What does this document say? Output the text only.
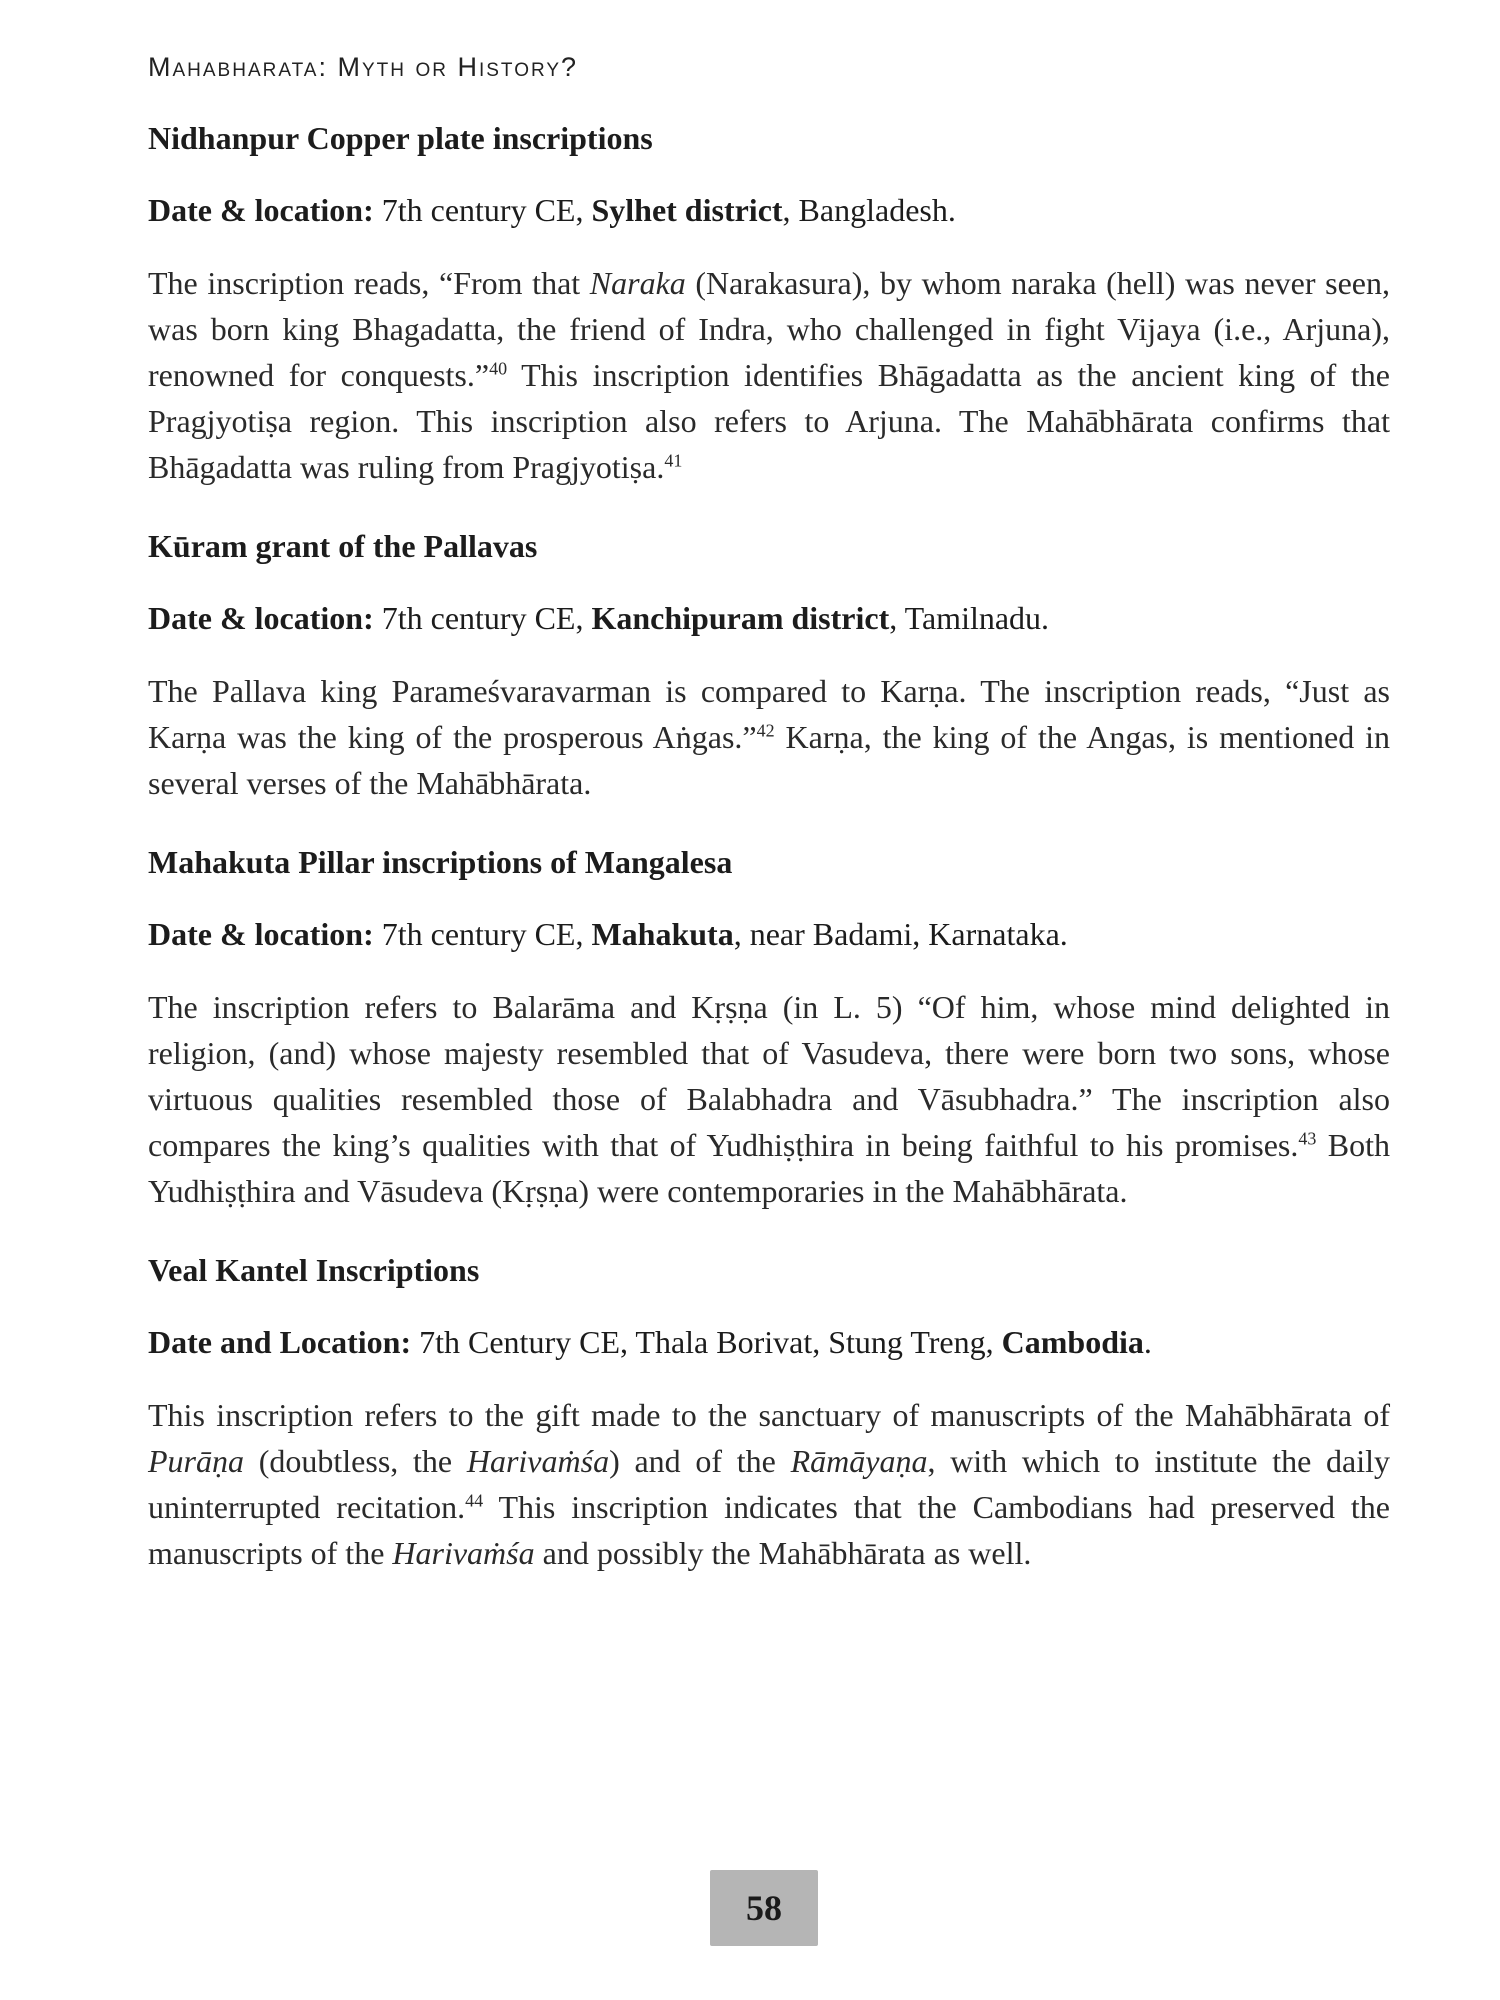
Mahabharata: Myth or History?
Nidhanpur Copper plate inscriptions

Date & location: 7th century CE, Sylhet district, Bangladesh.

The inscription reads, “From that Naraka (Narakasura), by whom naraka (hell) was never seen, was born king Bhagadatta, the friend of Indra, who challenged in fight Vijaya (i.e., Arjuna), renowned for conquests.”$^{40}$ This inscription identifies Bhāgadatta as the ancient king of the Pragjyotiṣa region. This inscription also refers to Arjuna. The Mahābhārata confirms that Bhāgadatta was ruling from Pragjyotiṣa.$^{41}$

Kūram grant of the Pallavas

Date & location: 7th century CE, Kanchipuram district, Tamilnadu.

The Pallava king Parameśvaravarman is compared to Karṇa. The inscription reads, “Just as Karṇa was the king of the prosperous Aṅgas.”$^{42}$ Karṇa, the king of the Angas, is mentioned in several verses of the Mahābhārata.

Mahakuta Pillar inscriptions of Mangalesa

Date & location: 7th century CE, Mahakuta, near Badami, Karnataka.

The inscription refers to Balarāma and Kṛṣṇa (in L. 5) “Of him, whose mind delighted in religion, (and) whose majesty resembled that of Vasudeva, there were born two sons, whose virtuous qualities resembled those of Balabhadra and Vāsubhadra.” The inscription also compares the king’s qualities with that of Yudhiṣṭhira in being faithful to his promises.$^{43}$ Both Yudhiṣṭhira and Vāsudeva (Kṛṣṇa) were contemporaries in the Mahābhārata.

Veal Kantel Inscriptions

Date and Location: 7th Century CE, Thala Borivat, Stung Treng, Cambodia.

This inscription refers to the gift made to the sanctuary of manuscripts of the Mahābhārata of Purāṇa (doubtless, the Harivaṁśa) and of the Rāmāyaṇa, with which to institute the daily uninterrupted recitation.$^{44}$ This inscription indicates that the Cambodians had preserved the manuscripts of the Harivaṁśa and possibly the Mahābhārata as well.

58
